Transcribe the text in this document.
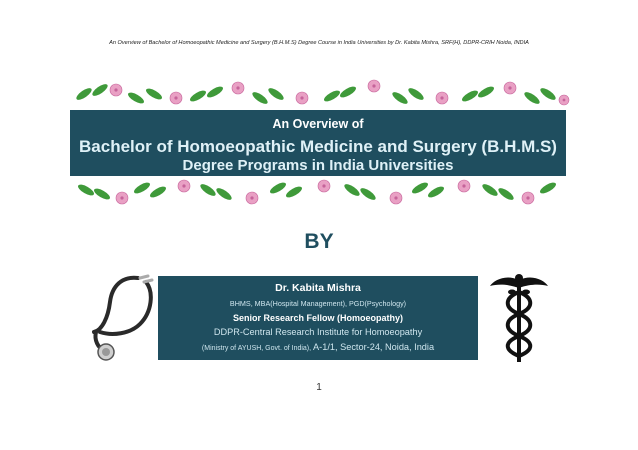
An Overview of Bachelor of Homoeopathic Medicine and Surgery (B.H.M.S) Degree Course in India Universities by Dr. Kabita Mishra, SRF(H), DDPR-CRIH Noida, INDIA
An Overview of
Bachelor of Homoeopathic Medicine and Surgery (B.H.M.S)
Degree Programs in India Universities
BY
Dr. Kabita Mishra
BHMS, MBA(Hospital Management), PGD(Psychology)
Senior Research Fellow (Homoeopathy)
DDPR-Central Research Institute for Homoeopathy
(Ministry of AYUSH, Govt. of India), A-1/1, Sector-24, Noida, India
1
